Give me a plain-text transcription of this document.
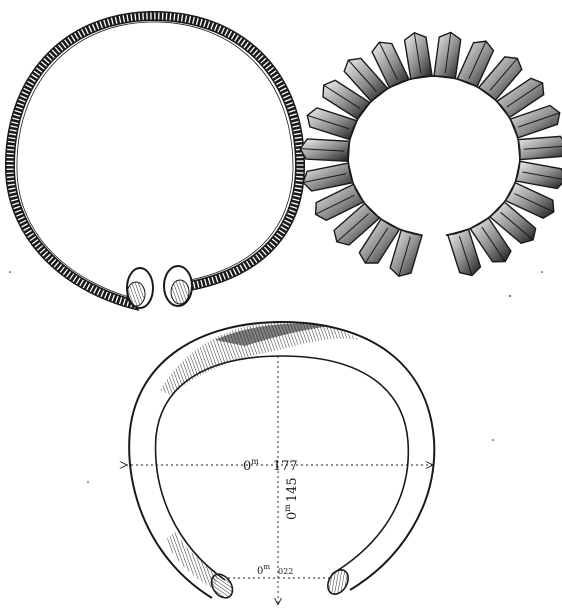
0$^m$ 177
0$^m$145
0$^m$ $_{022}$
